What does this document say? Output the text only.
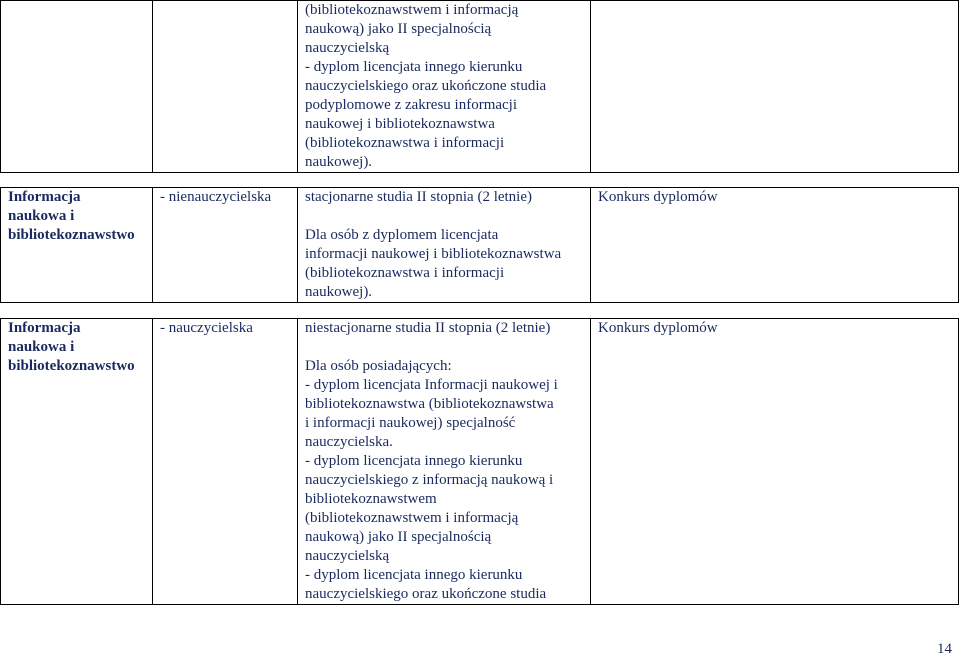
		(bibliotekoznawstwem i informacją
naukową) jako II specjalnością
nauczycielską
- dyplom licencjata innego kierunku
nauczycielskiego oraz ukończone studia
podyplomowe z zakresu informacji
naukowej i bibliotekoznawstwa
(bibliotekoznawstwa i informacji
naukowej).	
Informacja
naukowa i
bibliotekoznawstwo	- nienauczycielska	stacjonarne studia II stopnia (2 letnie)
Dla osób z dyplomem licencjata
informacji naukowej i bibliotekoznawstwa
(bibliotekoznawstwa i informacji
naukowej).	Konkurs dyplomów
Informacja
naukowa i
bibliotekoznawstwo	- nauczycielska	niestacjonarne studia II stopnia (2 letnie)
Dla osób posiadających:
- dyplom licencjata Informacji naukowej i
bibliotekoznawstwa (bibliotekoznawstwa
i informacji naukowej) specjalność
nauczycielska.
- dyplom licencjata innego kierunku
nauczycielskiego z informacją naukową i
bibliotekoznawstwem
(bibliotekoznawstwem i informacją
naukową) jako II specjalnością
nauczycielską
- dyplom licencjata innego kierunku
nauczycielskiego oraz ukończone studia	Konkurs dyplomów
14
